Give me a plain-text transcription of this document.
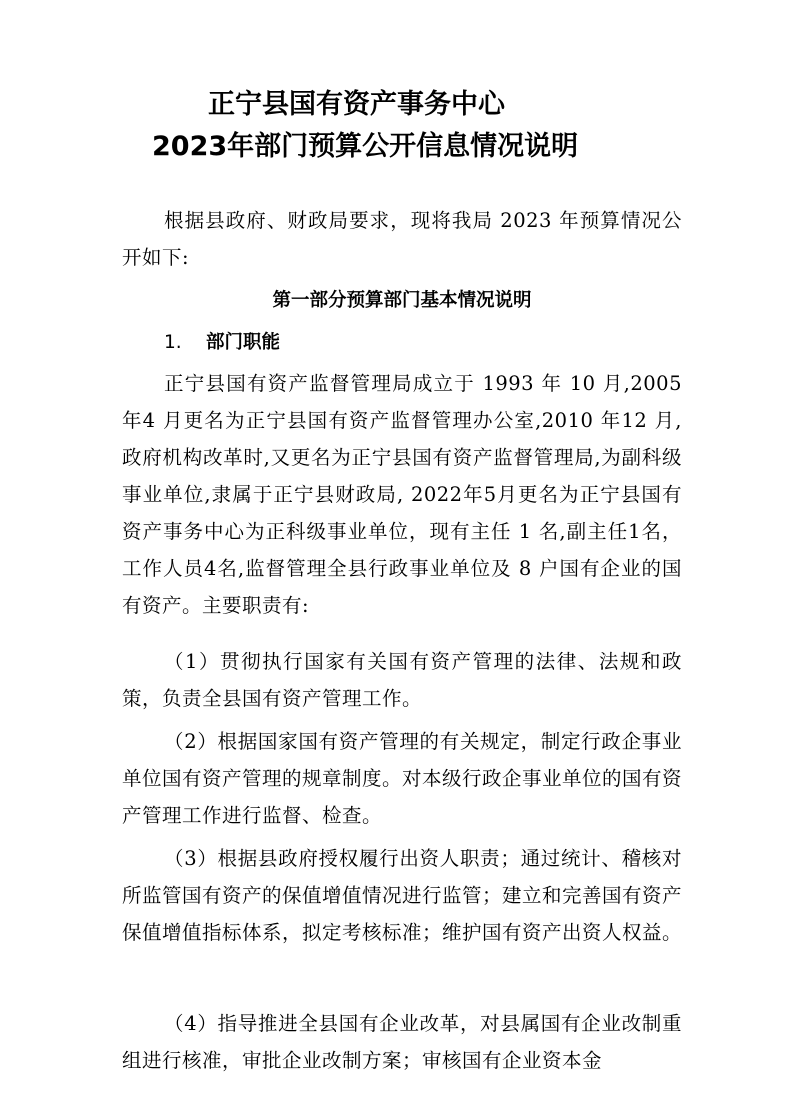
正宁县国有资产事务中心
2023年部门预算公开信息情况说明
根据县政府、财政局要求，现将我局 2023 年预算情况公开如下:
第一部分预算部门基本情况说明
1. 部门职能
正宁县国有资产监督管理局成立于 1993 年 10 月,2005年4 月更名为正宁县国有资产监督管理办公室,2010 年12 月,政府机构改革时,又更名为正宁县国有资产监督管理局,为副科级事业单位,隶属于正宁县财政局, 2022年5月更名为正宁县国有资产事务中心为正科级事业单位，现有主任 1 名,副主任1名，工作人员4名,监督管理全县行政事业单位及 8 户国有企业的国有资产。主要职责有:
（1）贯彻执行国家有关国有资产管理的法律、法规和政策，负责全县国有资产管理工作。
（2）根据国家国有资产管理的有关规定，制定行政企事业单位国有资产管理的规章制度。对本级行政企事业单位的国有资产管理工作进行监督、检查。
（3）根据县政府授权履行出资人职责；通过统计、稽核对所监管国有资产的保值增值情况进行监管；建立和完善国有资产保值增值指标体系，拟定考核标准；维护国有资产出资人权益。
（4）指导推进全县国有企业改革，对县属国有企业改制重组进行核准，审批企业改制方案；审核国有企业资本金
